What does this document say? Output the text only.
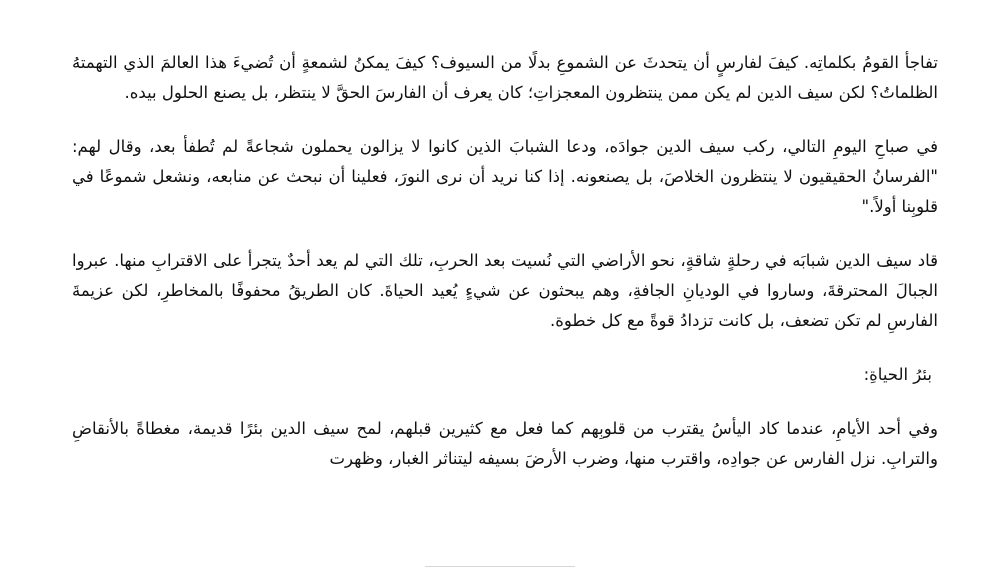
تفاجأ القومُ بكلماتِه. كيفَ لفارسٍ أن يتحدثَ عن الشموعِ بدلًا من السيوف؟ كيفَ يمكنُ لشمعةٍ أن تُضيءَ هذا العالمَ الذي التهمتهُ الظلماتُ؟ لكن سيف الدين لم يكن ممن ينتظرون المعجزاتِ؛ كان يعرف أن الفارسَ الحقَّ لا ينتظر، بل يصنع الحلول بيده.

في صباحِ اليومِ التالي، ركب سيف الدين جوادَه، ودعا الشبابَ الذين كانوا لا يزالون يحملون شجاعةً لم تُطفأ بعد، وقال لهم: "الفرسانُ الحقيقيون لا ينتظرون الخلاصَ، بل يصنعونه. إذا كنا نريد أن نرى النورَ، فعلينا أن نبحث عن منابعه، ونشعل شموعًا في قلوبِنا أولاً."

قاد سيف الدين شبابَه في رحلةٍ شاقةٍ، نحو الأراضي التي نُسيت بعد الحربِ، تلك التي لم يعد أحدٌ يتجرأ على الاقترابِ منها. عبروا الجبالَ المحترقةَ، وساروا في الوديانِ الجافةِ، وهم يبحثون عن شيءٍ يُعيد الحياةَ. كان الطريقُ محفوفًا بالمخاطرِ، لكن عزيمةَ الفارسِ لم تكن تضعف، بل كانت تزدادُ قوةً مع كل خطوة.

بئرُ الحياةِ:

وفي أحد الأيامِ، عندما كاد اليأسُ يقترب من قلوبِهم كما فعل مع كثيرين قبلهم، لمح سيف الدين بئرًا قديمة، مغطاةً بالأنقاضِ والترابِ. نزل الفارس عن جوادِه، واقترب منها، وضرب الأرضَ بسيفه ليتناثر الغبار، وظهرت
